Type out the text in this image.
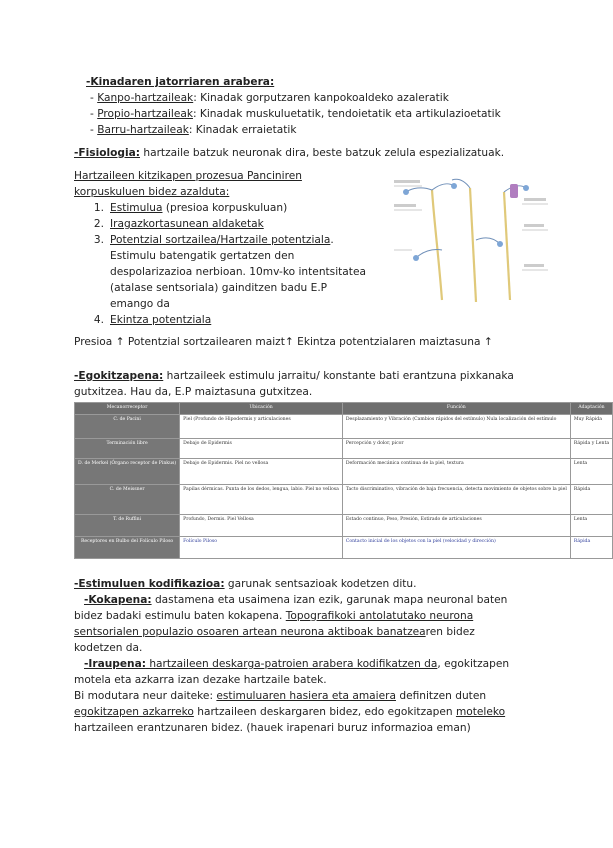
-Kinadaren jatorriaren arabera:
- Kanpo-hartzaileak: Kinadak gorputzaren kanpokoaldeko azaleratik
- Propio-hartzaileak: Kinadak muskuluetatik, tendoietatik eta artikulazioetatik
- Barru-hartzaileak: Kinadak erraietatik
-Fisiologia: hartzaile batzuk neuronak dira, beste batzuk zelula espezializatuak.
Hartzaileen kitzikapen prozesua Panciniren
korpuskuluen bidez azalduta:
1. Estimulua (presioa korpuskuluan)
2. Iragazkortasunean aldaketak
3. Potentzial sortzailea/Hartzaile potentziala.
Estimulu batengatik gertatzen den
despolarizazioa nerbioan. 10mv-ko intentsitatea
(atalase sentsoriala) gainditzen badu E.P
emango da
4. Ekintza potentziala
Presioa ↑ Potentzial sortzailearen maizt↑ Ekintza potentzialaren maiztasuna ↑
-Egokitzapena: hartzaileek estimulu jarraitu/ konstante bati erantzuna pixkanaka
gutxitzea. Hau da, E.P maiztasuna gutxitzea.
Mecanorreceptor	Ubicación	Función	Adaptación
C. de Pacini	Piel (Profundo de Hipodermis y articulaciones	Desplazamiento y Vibración (Cambios rápidos del estímulo) Nula localización del estímulo	Muy Rápida
Terminación libre	Debajo de Epidermis	Percepción y dolor, picor	Rápida y Lenta
D. de Merkel (Órgano receptor de Pinkus)	Debajo de Epidermis. Piel no vellosa	Deformación mecánica continua de la piel, textura	Lenta
C. de Meissner	Papilas dérmicas. Punta de los dedos, lengua, labio. Piel no vellosa	Tacto discriminativo, vibración de baja frecuencia, detecta movimiento de objetos sobre la piel	Rápida
T. de Ruffini	Profundo, Dermis. Piel Vellosa	Estado continuo, Peso, Presión, Estirado de articulaciones	Lenta
Receptores en Bulbo del Folículo Piloso	Folículo Piloso	Contacto inicial de los objetos con la piel (velocidad y dirección)	Rápida
-Estimuluen kodifikazioa: garunak sentsazioak kodetzen ditu.
-Kokapena: dastamena eta usaimena izan ezik, garunak mapa neuronal baten
bidez badaki estimulu baten kokapena. Topografikoki antolatutako neurona
sentsorialen populazio osoaren artean neurona aktiboak banatzearen bidez
kodetzen da.
-Iraupena: hartzaileen deskarga-patroien arabera kodifikatzen da, egokitzapen
motela eta azkarra izan dezake hartzaile batek.
Bi modutara neur daiteke: estimuluaren hasiera eta amaiera definitzen duten
egokitzapen azkarreko hartzaileen deskargaren bidez, edo egokitzapen moteleko
hartzaileen erantzunaren bidez. (hauek irapenari buruz informazioa eman)
